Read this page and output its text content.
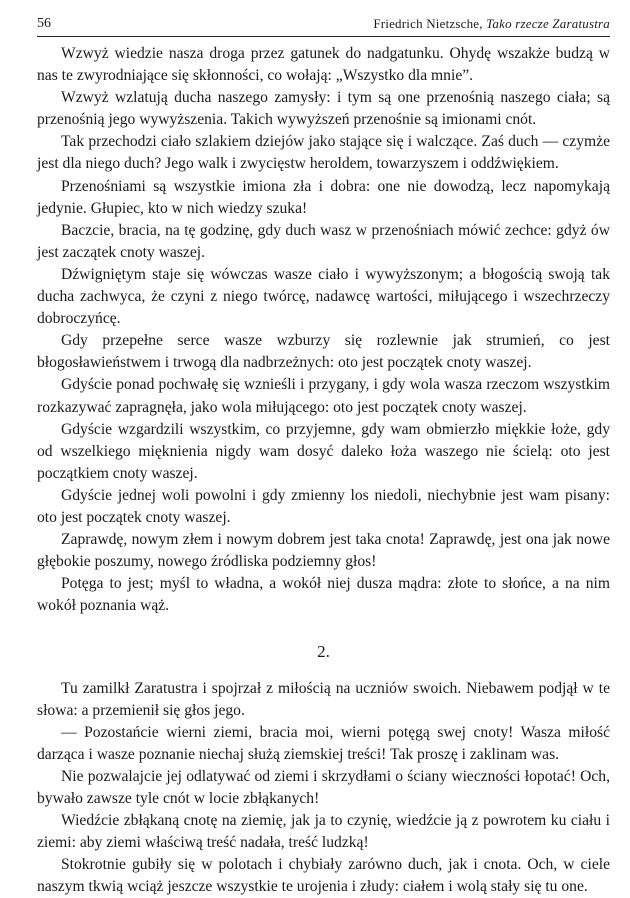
56	Friedrich Nietzsche, Tako rzecze Zaratustra

Wzwyż wiedzie nasza droga przez gatunek do nadgatunku. Ohydę wszakże budzą w nas te zwyrodniające się skłonności, co wołają: „Wszystko dla mnie”.

Wzwyż wzlatują ducha naszego zamysły: i tym są one przenośnią naszego ciała; są przenośnią jego wywyższenia. Takich wywyższeń przenośnie są imionami cnót.

Tak przechodzi ciało szlakiem dziejów jako stające się i walczące. Zaś duch — czymże jest dla niego duch? Jego walk i zwycięstw heroldem, towarzyszem i oddźwiękiem.

Przenośniami są wszystkie imiona zła i dobra: one nie dowodzą, lecz napomykają jedynie. Głupiec, kto w nich wiedzy szuka!

Baczcie, bracia, na tę godzinę, gdy duch wasz w przenośniach mówić zechce: gdyż ów jest zaczątek cnoty waszej.

Dźwigniętym staje się wówczas wasze ciało i wywyższonym; a błogością swoją tak ducha zachwyca, że czyni z niego twórcę, nadawcę wartości, miłującego i wszechrzeczy dobroczyńcę.

Gdy przepełne serce wasze wzburzy się rozlewnie jak strumień, co jest błogosławieństwem i trwogą dla nadbrzeżnych: oto jest początek cnoty waszej.

Gdyście ponad pochwałę się wznieśli i przygany, i gdy wola wasza rzeczom wszystkim rozkazywać zapragnęła, jako wola miłującego: oto jest początek cnoty waszej.

Gdyście wzgardzili wszystkim, co przyjemne, gdy wam obmierzło miękkie łoże, gdy od wszelkiego mięknienia nigdy wam dosyć daleko łoża waszego nie ścielą: oto jest początkiem cnoty waszej.

Gdyście jednej woli powolni i gdy zmienny los niedoli, niechybnie jest wam pisany: oto jest początek cnoty waszej.

Zaprawdę, nowym złem i nowym dobrem jest taka cnota! Zaprawdę, jest ona jak nowe głębokie poszumy, nowego źródliska podziemny głos!

Potęga to jest; myśl to władna, a wokół niej dusza mądra: złote to słońce, a na nim wokół poznania wąż.

2.

Tu zamilkł Zaratustra i spojrzał z miłością na uczniów swoich. Niebawem podjął w te słowa: a przemienił się głos jego.

— Pozostańcie wierni ziemi, bracia moi, wierni potęgą swej cnoty! Wasza miłość darząca i wasze poznanie niechaj służą ziemskiej treści! Tak proszę i zaklinam was.

Nie pozwalajcie jej odlatywać od ziemi i skrzydłami o ściany wieczności łopotać! Och, bywało zawsze tyle cnót w locie zbłąkanych!

Wiedźcie zbłąkaną cnotę na ziemię, jak ja to czynię, wiedźcie ją z powrotem ku ciału i ziemi: aby ziemi właściwą treść nadała, treść ludzką!

Stokrotnie gubiły się w polotach i chybiały zarówno duch, jak i cnota. Och, w ciele naszym tkwią wciąż jeszcze wszystkie te urojenia i złudy: ciałem i wolą stały się tu one.
